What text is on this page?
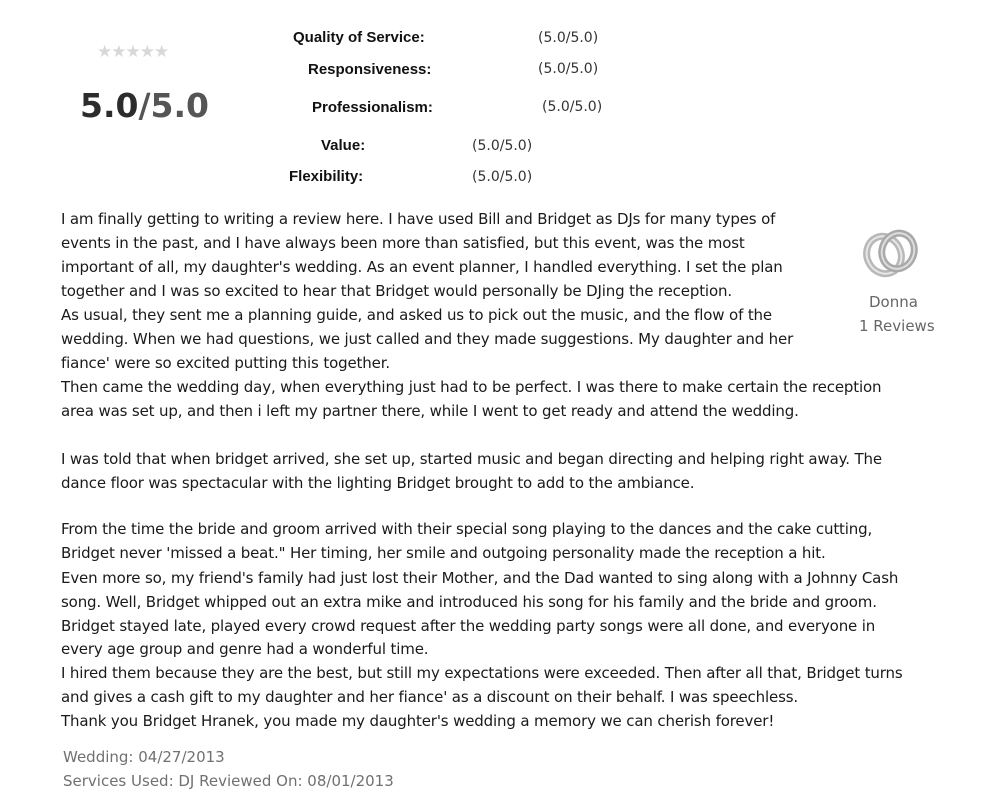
★★★★★
5.0/5.0
Quality of Service:	(5.0/5.0)
Responsiveness:	(5.0/5.0)
Professionalism:	(5.0/5.0)
Value:	(5.0/5.0)
Flexibility:	(5.0/5.0)
Donna
1 Reviews
I am finally getting to writing a review here. I have used Bill and Bridget as DJs for many types of
events in the past, and I have always been more than satisfied, but this event, was the most
important of all, my daughter's wedding. As an event planner, I handled everything. I set the plan
together and I was so excited to hear that Bridget would personally be DJing the reception.
As usual, they sent me a planning guide, and asked us to pick out the music, and the flow of the
wedding. When we had questions, we just called and they made suggestions. My daughter and her
fiance' were so excited putting this together.
Then came the wedding day, when everything just had to be perfect. I was there to make certain the reception
area was set up, and then i left my partner there, while I went to get ready and attend the wedding.
I was told that when bridget arrived, she set up, started music and began directing and helping right away. The
dance floor was spectacular with the lighting Bridget brought to add to the ambiance.
From the time the bride and groom arrived with their special song playing to the dances and the cake cutting,
Bridget never 'missed a beat." Her timing, her smile and outgoing personality made the reception a hit.
Even more so, my friend's family had just lost their Mother, and the Dad wanted to sing along with a Johnny Cash
song. Well, Bridget whipped out an extra mike and introduced his song for his family and the bride and groom.
Bridget stayed late, played every crowd request after the wedding party songs were all done, and everyone in
every age group and genre had a wonderful time.
I hired them because they are the best, but still my expectations were exceeded. Then after all that, Bridget turns
and gives a cash gift to my daughter and her fiance' as a discount on their behalf. I was speechless.
Thank you Bridget Hranek, you made my daughter's wedding a memory we can cherish forever!
Wedding: 04/27/2013
Services Used: DJ Reviewed On: 08/01/2013
